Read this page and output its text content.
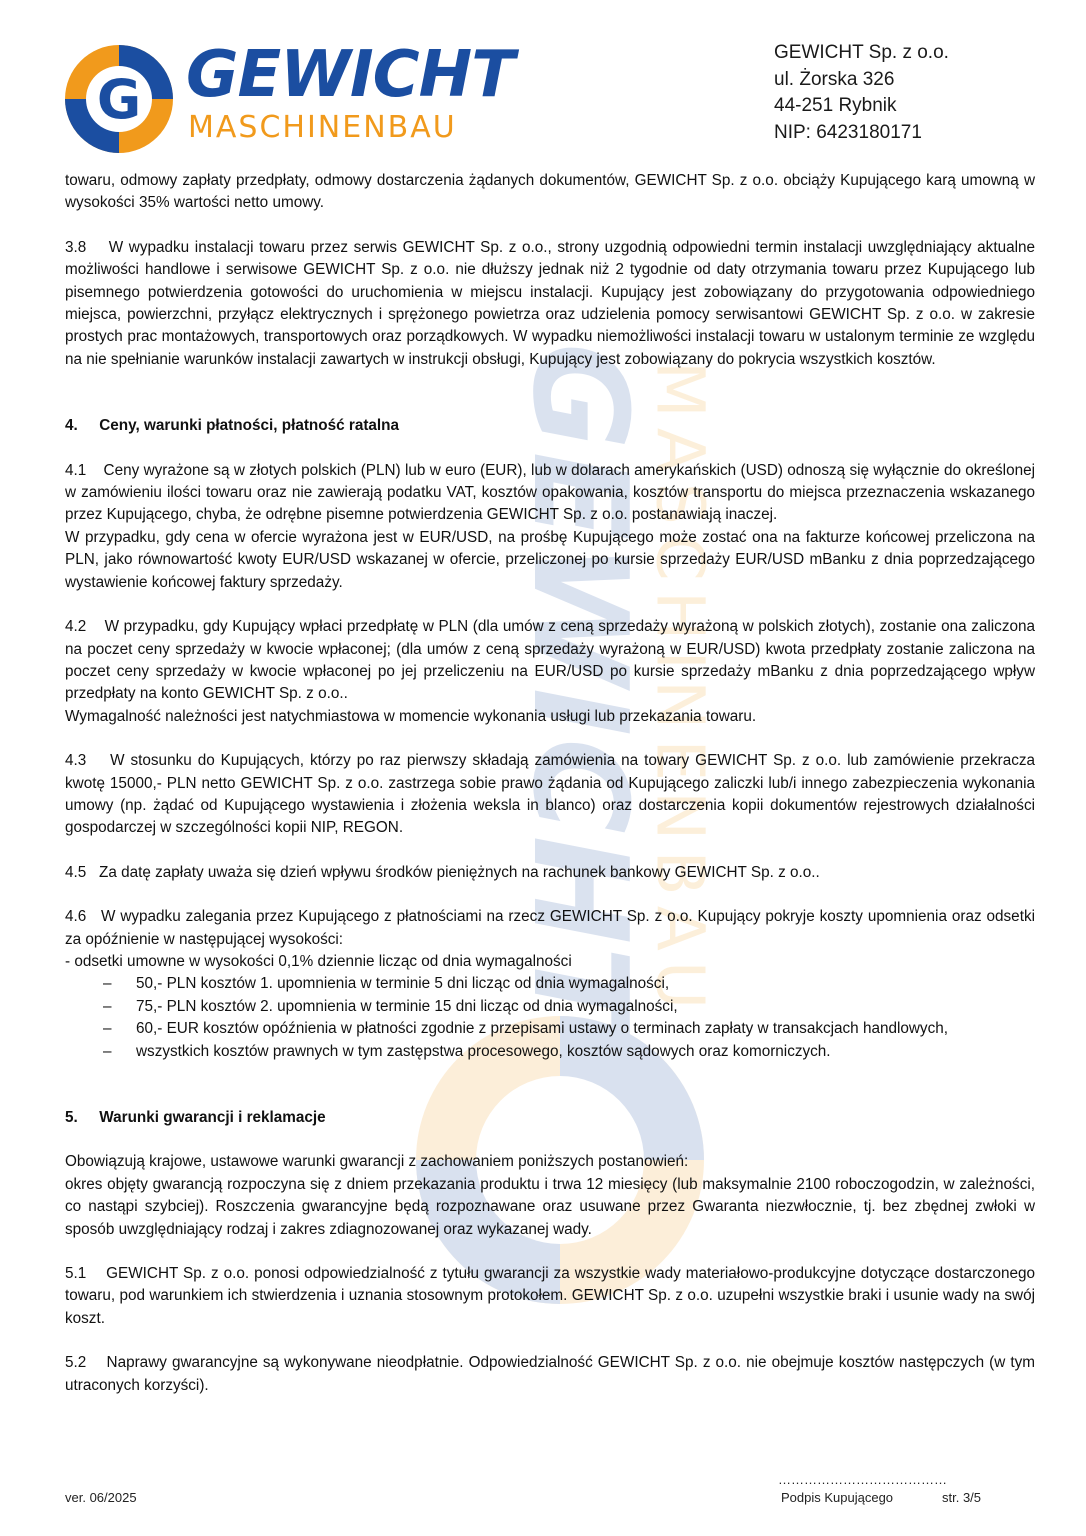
GEWICHT
MASCHINENBAU
G GEWICHT
MASCHINENBAU
GEWICHT Sp. z o.o.
ul. Żorska 326
44-251 Rybnik
NIP: 6423180171

towaru, odmowy zapłaty przedpłaty, odmowy dostarczenia żądanych dokumentów, GEWICHT Sp. z o.o. obciąży Kupującego karą umowną w wysokości 35% wartości netto umowy.

3.8 W wypadku instalacji towaru przez serwis GEWICHT Sp. z o.o., strony uzgodnią odpowiedni termin instalacji uwzględniający aktualne możliwości handlowe i serwisowe GEWICHT Sp. z o.o. nie dłuższy jednak niż 2 tygodnie od daty otrzymania towaru przez Kupującego lub pisemnego potwierdzenia gotowości do uruchomienia w miejscu instalacji. Kupujący jest zobowiązany do przygotowania odpowiedniego miejsca, powierzchni, przyłącz elektrycznych i sprężonego powietrza oraz udzielenia pomocy serwisantowi GEWICHT Sp. z o.o. w zakresie prostych prac montażowych, transportowych oraz porządkowych. W wypadku niemożliwości instalacji towaru w ustalonym terminie ze względu na nie spełnianie warunków instalacji zawartych w instrukcji obsługi, Kupujący jest zobowiązany do pokrycia wszystkich kosztów.

4. Ceny, warunki płatności, płatność ratalna

4.1 Ceny wyrażone są w złotych polskich (PLN) lub w euro (EUR), lub w dolarach amerykańskich (USD) odnoszą się wyłącznie do określonej w zamówieniu ilości towaru oraz nie zawierają podatku VAT, kosztów opakowania, kosztów transportu do miejsca przeznaczenia wskazanego przez Kupującego, chyba, że odrębne pisemne potwierdzenia GEWICHT Sp. z o.o. postanawiają inaczej.

W przypadku, gdy cena w ofercie wyrażona jest w EUR/USD, na prośbę Kupującego może zostać ona na fakturze końcowej przeliczona na PLN, jako równowartość kwoty EUR/USD wskazanej w ofercie, przeliczonej po kursie sprzedaży EUR/USD mBanku z dnia poprzedzającego wystawienie końcowej faktury sprzedaży.

4.2 W przypadku, gdy Kupujący wpłaci przedpłatę w PLN (dla umów z ceną sprzedaży wyrażoną w polskich złotych), zostanie ona zaliczona na poczet ceny sprzedaży w kwocie wpłaconej; (dla umów z ceną sprzedaży wyrażoną w EUR/USD) kwota przedpłaty zostanie zaliczona na poczet ceny sprzedaży w kwocie wpłaconej po jej przeliczeniu na EUR/USD po kursie sprzedaży mBanku z dnia poprzedzającego wpływ przedpłaty na konto GEWICHT Sp. z o.o..

Wymagalność należności jest natychmiastowa w momencie wykonania usługi lub przekazania towaru.

4.3 W stosunku do Kupujących, którzy po raz pierwszy składają zamówienia na towary GEWICHT Sp. z o.o. lub zamówienie przekracza kwotę 15000,- PLN netto GEWICHT Sp. z o.o. zastrzega sobie prawo żądania od Kupującego zaliczki lub/i innego zabezpieczenia wykonania umowy (np. żądać od Kupującego wystawienia i złożenia weksla in blanco) oraz dostarczenia kopii dokumentów rejestrowych działalności gospodarczej w szczególności kopii NIP, REGON.

4.5 Za datę zapłaty uważa się dzień wpływu środków pieniężnych na rachunek bankowy GEWICHT Sp. z o.o..

4.6 W wypadku zalegania przez Kupującego z płatnościami na rzecz GEWICHT Sp. z o.o. Kupujący pokryje koszty upomnienia oraz odsetki za opóźnienie w następującej wysokości:

- odsetki umowne w wysokości 0,1% dziennie licząc od dnia wymagalności

– 50,- PLN kosztów 1. upomnienia w terminie 5 dni licząc od dnia wymagalności,
– 75,- PLN kosztów 2. upomnienia w terminie 15 dni licząc od dnia wymagalności,
– 60,- EUR kosztów opóźnienia w płatności zgodnie z przepisami ustawy o terminach zapłaty w transakcjach handlowych,
– wszystkich kosztów prawnych w tym zastępstwa procesowego, kosztów sądowych oraz komorniczych.

5. Warunki gwarancji i reklamacje

Obowiązują krajowe, ustawowe warunki gwarancji z zachowaniem poniższych postanowień:

okres objęty gwarancją rozpoczyna się z dniem przekazania produktu i trwa 12 miesięcy (lub maksymalnie 2100 roboczogodzin, w zależności, co nastąpi szybciej). Roszczenia gwarancyjne będą rozpoznawane oraz usuwane przez Gwaranta niezwłocznie, tj. bez zbędnej zwłoki w sposób uwzględniający rodzaj i zakres zdiagnozowanej oraz wykazanej wady.

5.1 GEWICHT Sp. z o.o. ponosi odpowiedzialność z tytułu gwarancji za wszystkie wady materiałowo-produkcyjne dotyczące dostarczonego towaru, pod warunkiem ich stwierdzenia i uznania stosownym protokołem. GEWICHT Sp. z o.o. uzupełni wszystkie braki i usunie wady na swój koszt.

5.2 Naprawy gwarancyjne są wykonywane nieodpłatnie. Odpowiedzialność GEWICHT Sp. z o.o. nie obejmuje kosztów następczych (w tym utraconych korzyści).

ver. 06/2025
…………………………………
Podpis Kupującego	str. 3/5
